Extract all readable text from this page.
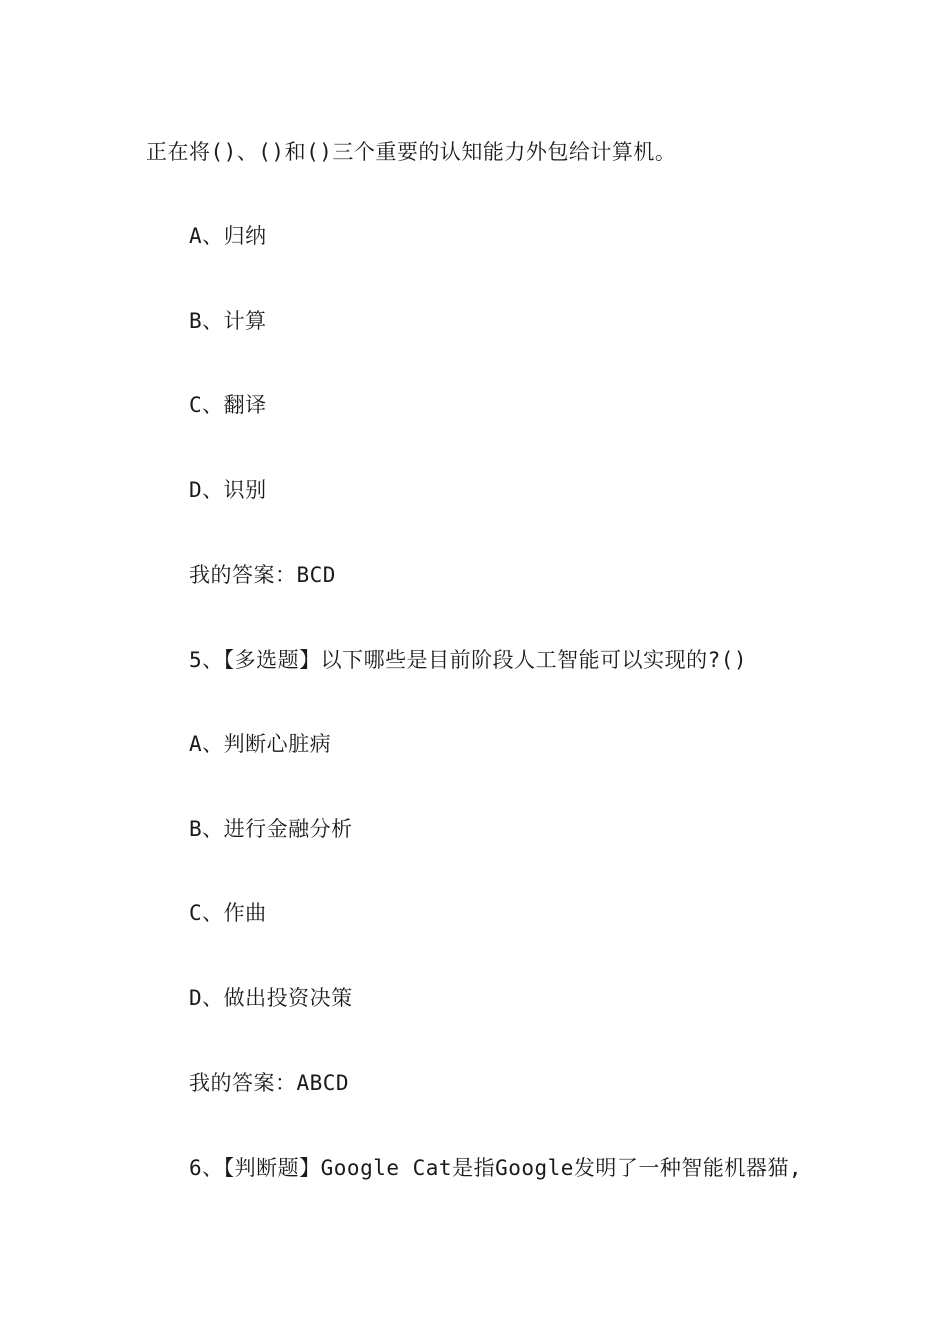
正在将()、()和()三个重要的认知能力外包给计算机。
A、归纳
B、计算
C、翻译
D、识别
我的答案：BCD
5、【多选题】以下哪些是目前阶段人工智能可以实现的?()
A、判断心脏病
B、进行金融分析
C、作曲
D、做出投资决策
我的答案：ABCD
6、【判断题】Google Cat是指Google发明了一种智能机器猫,
